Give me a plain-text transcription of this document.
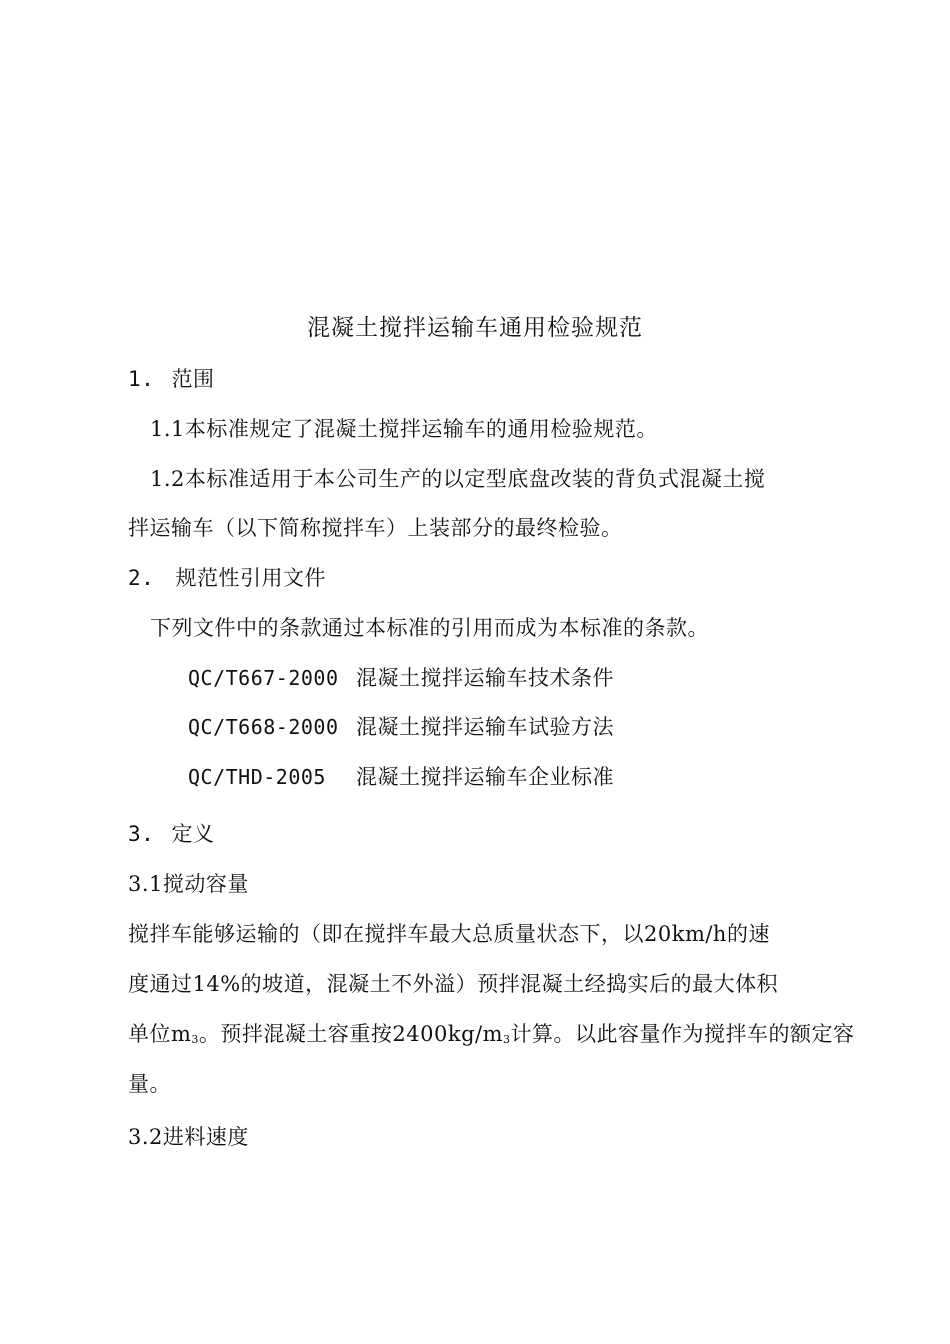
混凝土搅拌运输车通用检验规范
1. 范围
1.1本标准规定了混凝土搅拌运输车的通用检验规范。
1.2本标准适用于本公司生产的以定型底盘改装的背负式混凝土搅
拌运输车（以下简称搅拌车）上装部分的最终检验。
2. 规范性引用文件
下列文件中的条款通过本标准的引用而成为本标准的条款。
QC/T667-2000 混凝土搅拌运输车技术条件
QC/T668-2000 混凝土搅拌运输车试验方法
QC/THD-2005 混凝土搅拌运输车企业标准
3. 定义
3.1搅动容量
搅拌车能够运输的（即在搅拌车最大总质量状态下，以20km/h的速
度通过14%的坡道，混凝土不外溢）预拌混凝土经捣实后的最大体积
单位$m_3$。预拌混凝土容重按$2400kg/m_3$计算。以此容量作为搅拌车的额定容
量。
3.2进料速度
